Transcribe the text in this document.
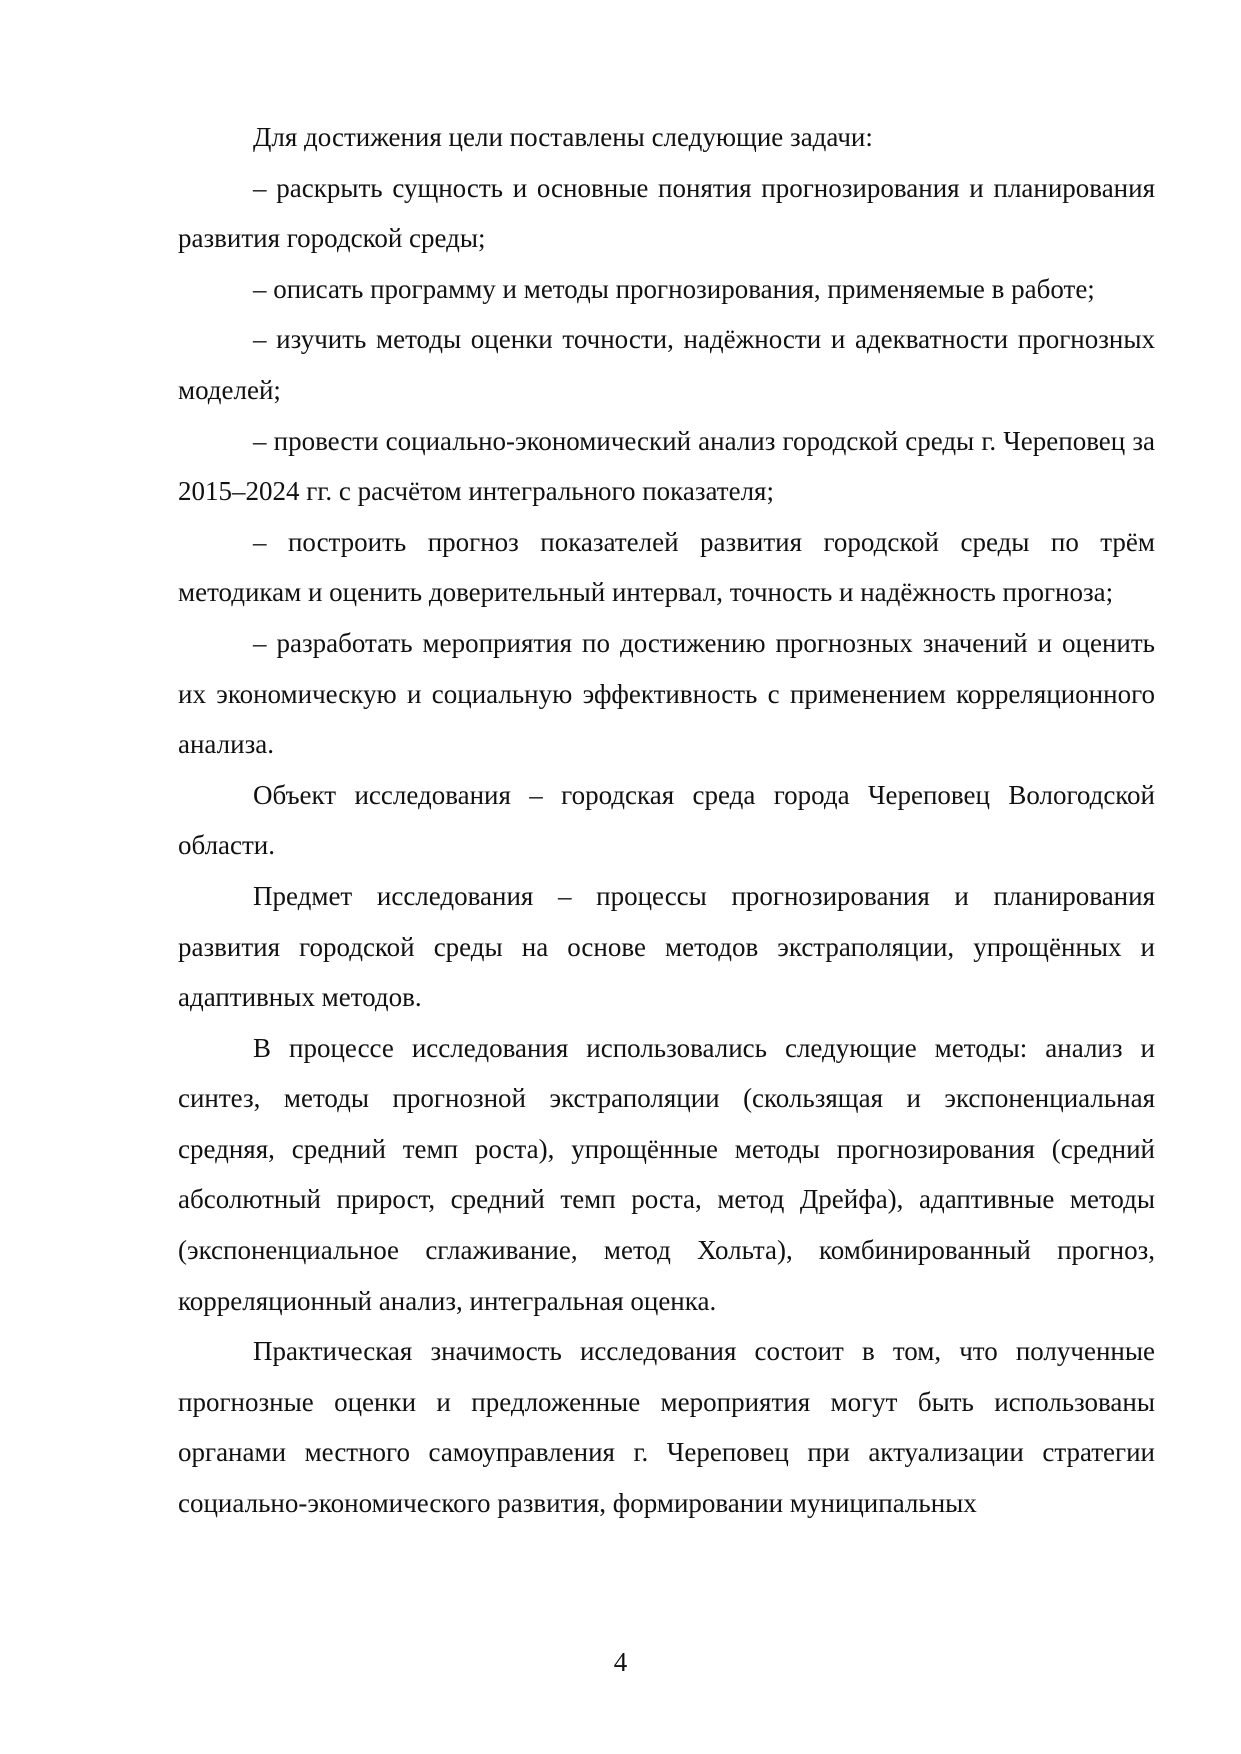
Для достижения цели поставлены следующие задачи:

– раскрыть сущность и основные понятия прогнозирования и планирования развития городской среды;

– описать программу и методы прогнозирования, применяемые в работе;

– изучить методы оценки точности, надёжности и адекватности прогнозных моделей;

– провести социально-экономический анализ городской среды г. Череповец за 2015–2024 гг. с расчётом интегрального показателя;

– построить прогноз показателей развития городской среды по трём методикам и оценить доверительный интервал, точность и надёжность прогноза;

– разработать мероприятия по достижению прогнозных значений и оценить их экономическую и социальную эффективность с применением корреляционного анализа.

Объект исследования – городская среда города Череповец Вологодской области.

Предмет исследования – процессы прогнозирования и планирования развития городской среды на основе методов экстраполяции, упрощённых и адаптивных методов.

В процессе исследования использовались следующие методы: анализ и синтез, методы прогнозной экстраполяции (скользящая и экспоненциальная средняя, средний темп роста), упрощённые методы прогнозирования (средний абсолютный прирост, средний темп роста, метод Дрейфа), адаптивные методы (экспоненциальное сглаживание, метод Хольта), комбинированный прогноз, корреляционный анализ, интегральная оценка.

Практическая значимость исследования состоит в том, что полученные прогнозные оценки и предложенные мероприятия могут быть использованы органами местного самоуправления г. Череповец при актуализации стратегии социально-экономического развития, формировании муниципальных

4
